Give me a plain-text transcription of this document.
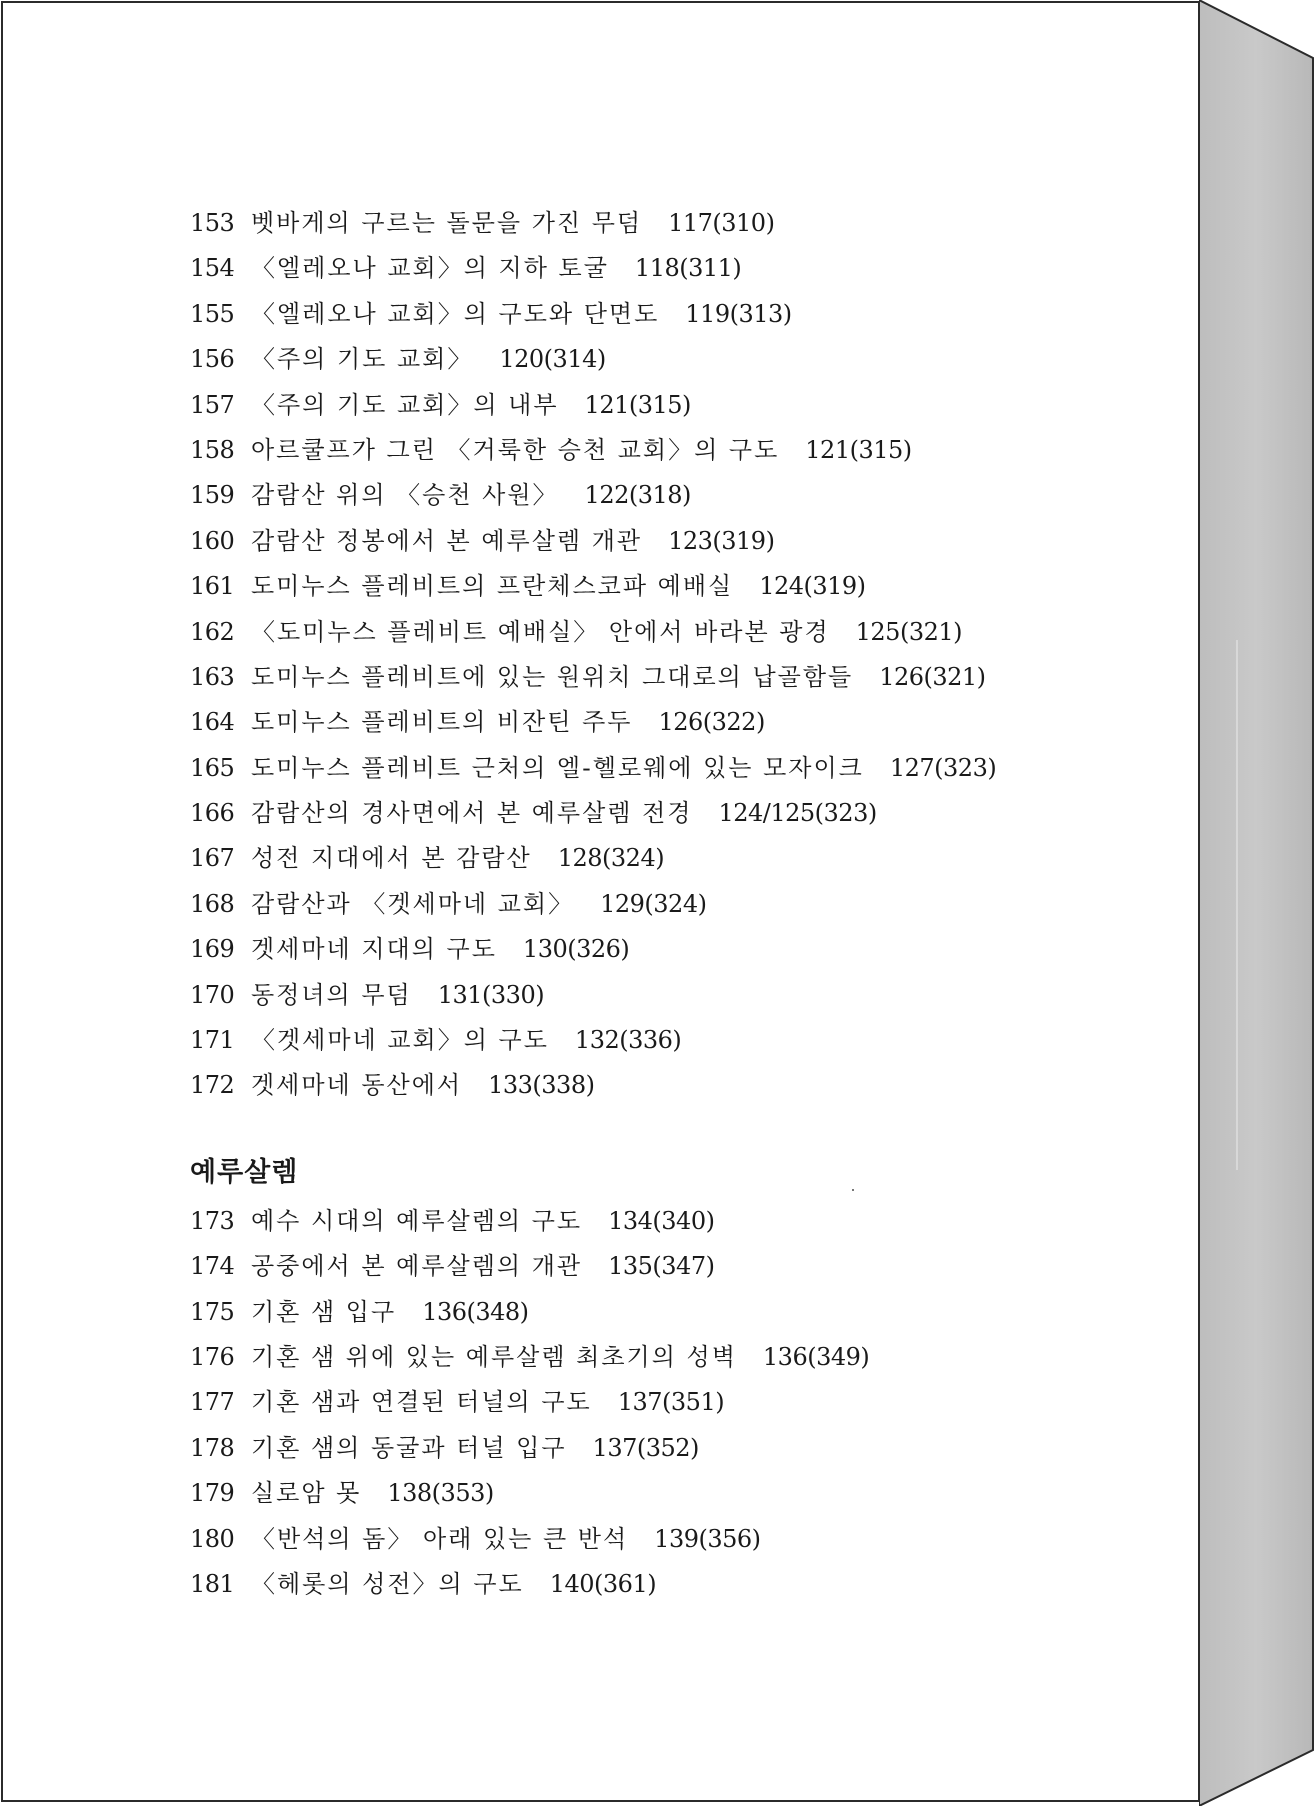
153 벳바게의 구르는 돌문을 가진 무덤 117(310)
154 〈엘레오나 교회〉의 지하 토굴 118(311)
155 〈엘레오나 교회〉의 구도와 단면도 119(313)
156 〈주의 기도 교회〉 120(314)
157 〈주의 기도 교회〉의 내부 121(315)
158 아르쿨프가 그린 〈거룩한 승천 교회〉의 구도 121(315)
159 감람산 위의 〈승천 사원〉 122(318)
160 감람산 정봉에서 본 예루살렘 개관 123(319)
161 도미누스 플레비트의 프란체스코파 예배실 124(319)
162 〈도미누스 플레비트 예배실〉 안에서 바라본 광경 125(321)
163 도미누스 플레비트에 있는 원위치 그대로의 납골함들 126(321)
164 도미누스 플레비트의 비잔틴 주두 126(322)
165 도미누스 플레비트 근처의 엘-헬로웨에 있는 모자이크 127(323)
166 감람산의 경사면에서 본 예루살렘 전경 124/125(323)
167 성전 지대에서 본 감람산 128(324)
168 감람산과 〈겟세마네 교회〉 129(324)
169 겟세마네 지대의 구도 130(326)
170 동정녀의 무덤 131(330)
171 〈겟세마네 교회〉의 구도 132(336)
172 겟세마네 동산에서 133(338)
예루살렘
173 예수 시대의 예루살렘의 구도 134(340)
174 공중에서 본 예루살렘의 개관 135(347)
175 기혼 샘 입구 136(348)
176 기혼 샘 위에 있는 예루살렘 최초기의 성벽 136(349)
177 기혼 샘과 연결된 터널의 구도 137(351)
178 기혼 샘의 동굴과 터널 입구 137(352)
179 실로암 못 138(353)
180 〈반석의 돔〉 아래 있는 큰 반석 139(356)
181 〈헤롯의 성전〉의 구도 140(361)
